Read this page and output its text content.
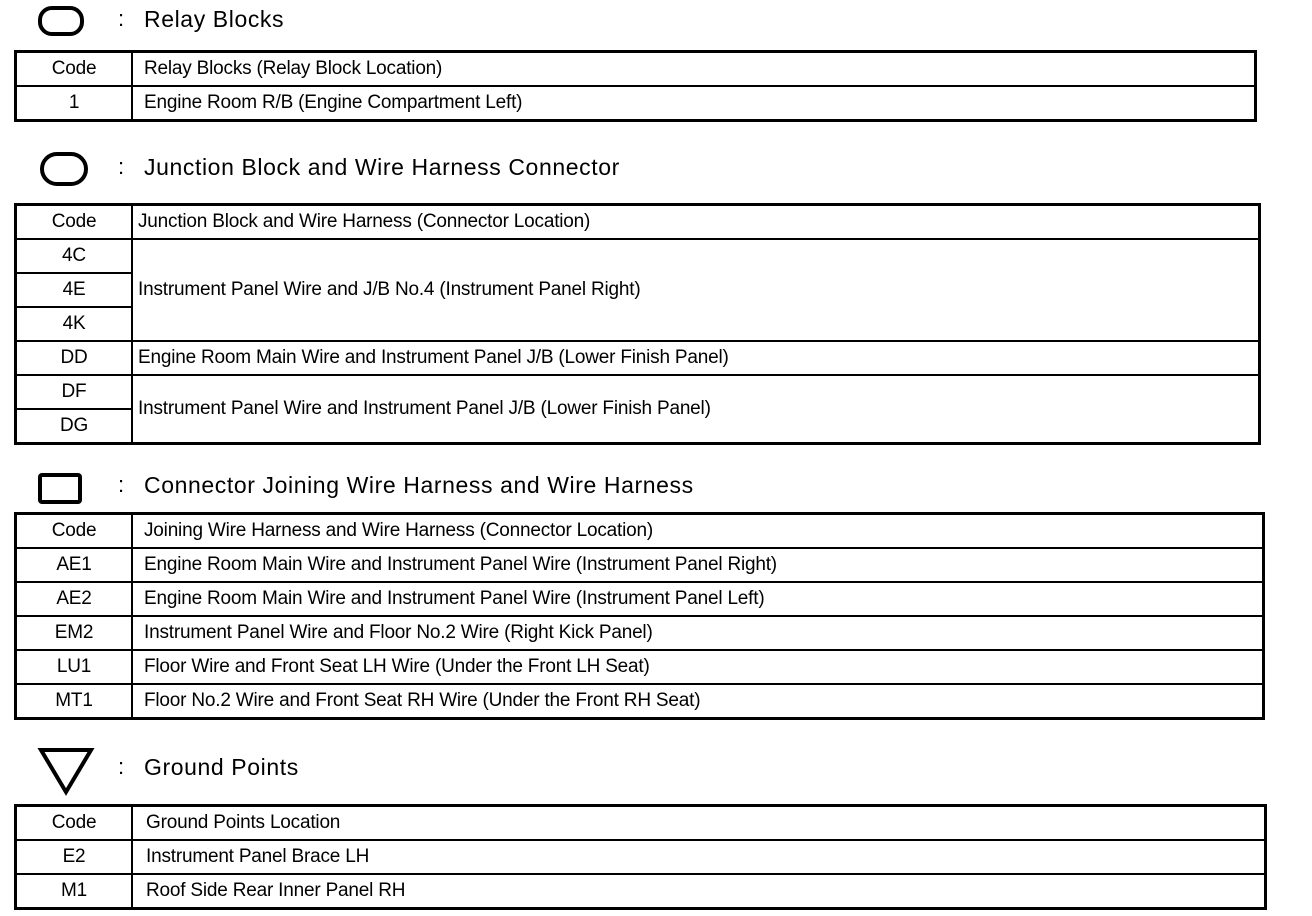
: Relay Blocks
Code	Relay Blocks (Relay Block Location)
1	Engine Room R/B (Engine Compartment Left)
: Junction Block and Wire Harness Connector
Code	Junction Block and Wire Harness (Connector Location)
4C	Instrument Panel Wire and J/B No.4 (Instrument Panel Right)
4E	
4K	
DD	Engine Room Main Wire and Instrument Panel J/B (Lower Finish Panel)
DF	Instrument Panel Wire and Instrument Panel J/B (Lower Finish Panel)
DG	
: Connector Joining Wire Harness and Wire Harness
Code	Joining Wire Harness and Wire Harness (Connector Location)
AE1	Engine Room Main Wire and Instrument Panel Wire (Instrument Panel Right)
AE2	Engine Room Main Wire and Instrument Panel Wire (Instrument Panel Left)
EM2	Instrument Panel Wire and Floor No.2 Wire (Right Kick Panel)
LU1	Floor Wire and Front Seat LH Wire (Under the Front LH Seat)
MT1	Floor No.2 Wire and Front Seat RH Wire (Under the Front RH Seat)
: Ground Points
Code	Ground Points Location
E2	Instrument Panel Brace LH
M1	Roof Side Rear Inner Panel RH
